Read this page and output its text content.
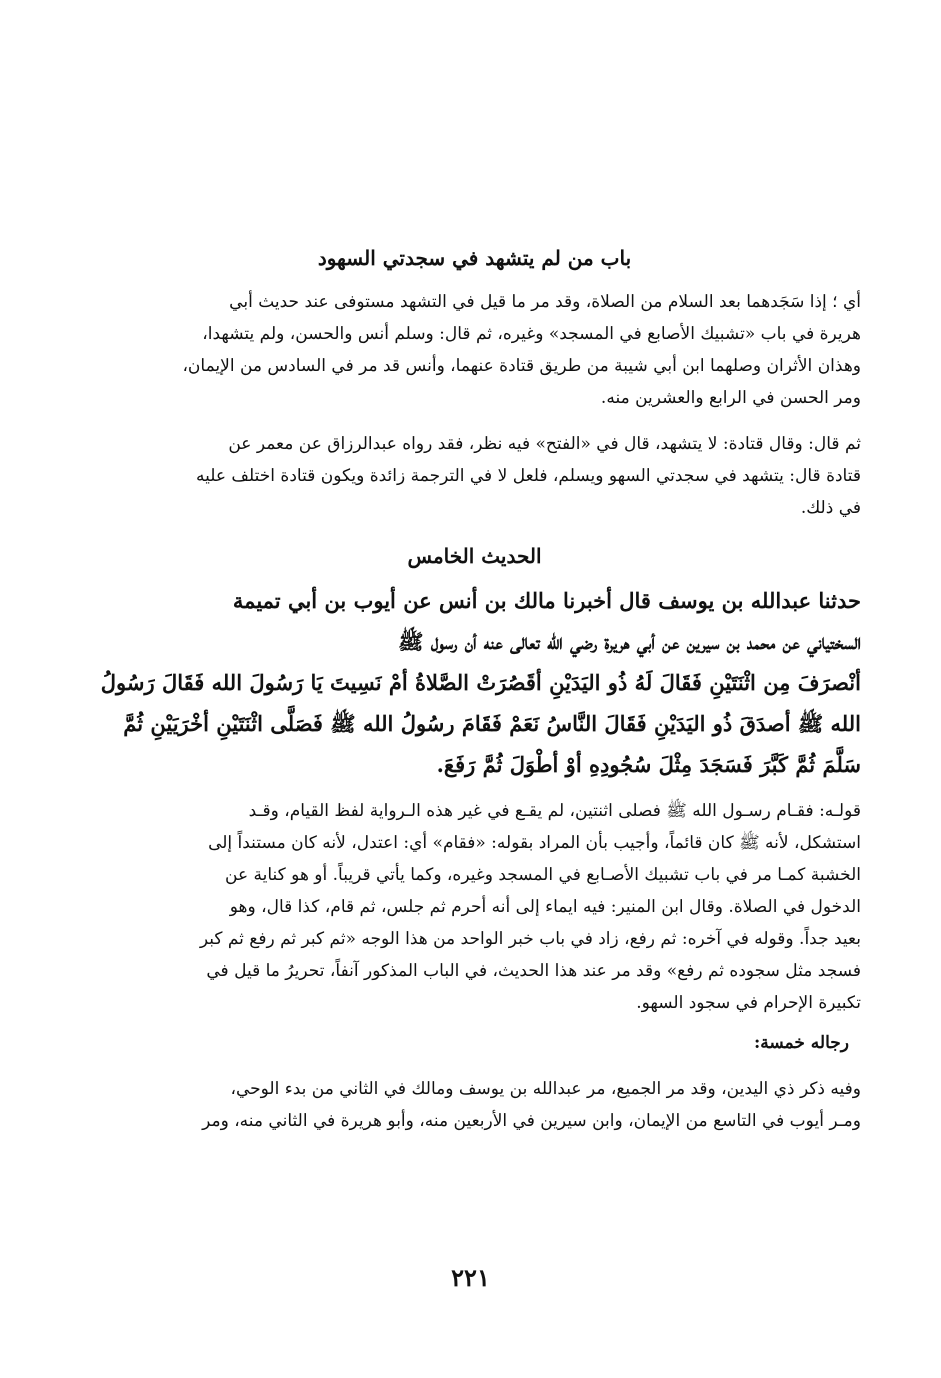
باب من لم يتشهد في سجدتي السهود
أي ؛ إذا سَجَدهما بعد السلام من الصلاة، وقد مر ما قيل في التشهد مستوفى عند حديث أبي
هريرة في باب «تشبيك الأصابع في المسجد» وغيره، ثم قال: وسلم أنس والحسن، ولم يتشهدا،
وهذان الأثران وصلهما ابن أبي شيبة من طريق قتادة عنهما، وأنس قد مر في السادس من الإيمان،
ومر الحسن في الرابع والعشرين منه.
ثم قال: وقال قتادة: لا يتشهد، قال في «الفتح» فيه نظر، فقد رواه عبدالرزاق عن معمر عن
قتادة قال: يتشهد في سجدتي السهو ويسلم، فلعل لا في الترجمة زائدة ويكون قتادة اختلف عليه
في ذلك.
الحديث الخامس
حدثنا عبدالله بن يوسف قال أخبرنا مالك بن أنس عن أيوب بن أبي تميمة
السختياني عن محمد بن سيرين عن أبي هريرة رضي الله تعالى عنه أن رسول ﷺ
أنْصرَفَ مِن اثْنَتَيْنِ فَقَالَ لَهُ ذُو اليَدَيْنِ أقَصُرَتْ الصَّلاةُ أمْ نَسِيتَ يَا رَسُولَ الله فَقَالَ رَسُولُ
الله ﷺ أصدَقَ ذُو اليَدَيْنِ فَقَالَ النَّاسُ نَعَمْ فَقَامَ رسُولُ الله ﷺ فَصَلَّى اثْنَتَيْنِ أخْرَيَيْنِ ثُمَّ
سَلَّمَ ثُمَّ كَبَّرَ فَسَجَدَ مِثْلَ سُجُودِهِ أوْ أطْوَلَ ثُمَّ رَفَعَ.
قولـه: فقـام رسـول الله ﷺ فصلى اثنتين، لم يقـع في غير هذه الـرواية لفظ القيام، وقـد
استشكل، لأنه ﷺ كان قائماً، وأجيب بأن المراد بقوله: «فقام» أي: اعتدل، لأنه كان مستنداً إلى
الخشبة كمـا مر في باب تشبيك الأصـابع في المسجد وغيره، وكما يأتي قريباً. أو هو كناية عن
الدخول في الصلاة. وقال ابن المنير: فيه ايماء إلى أنه أحرم ثم جلس، ثم قام، كذا قال، وهو
بعيد جداً. وقوله في آخره: ثم رفع، زاد في باب خبر الواحد من هذا الوجه «ثم كبر ثم رفع ثم كبر
فسجد مثل سجوده ثم رفع» وقد مر عند هذا الحديث، في الباب المذكور آنفاً، تحريرُ ما قيل في
تكبيرة الإحرام في سجود السهو.
رجاله خمسة:
وفيه ذكر ذي اليدين، وقد مر الجميع، مر عبدالله بن يوسف ومالك في الثاني من بدء الوحي،
ومـر أيوب في التاسع من الإيمان، وابن سيرين في الأربعين منه، وأبو هريرة في الثاني منه، ومر
٢٢١
